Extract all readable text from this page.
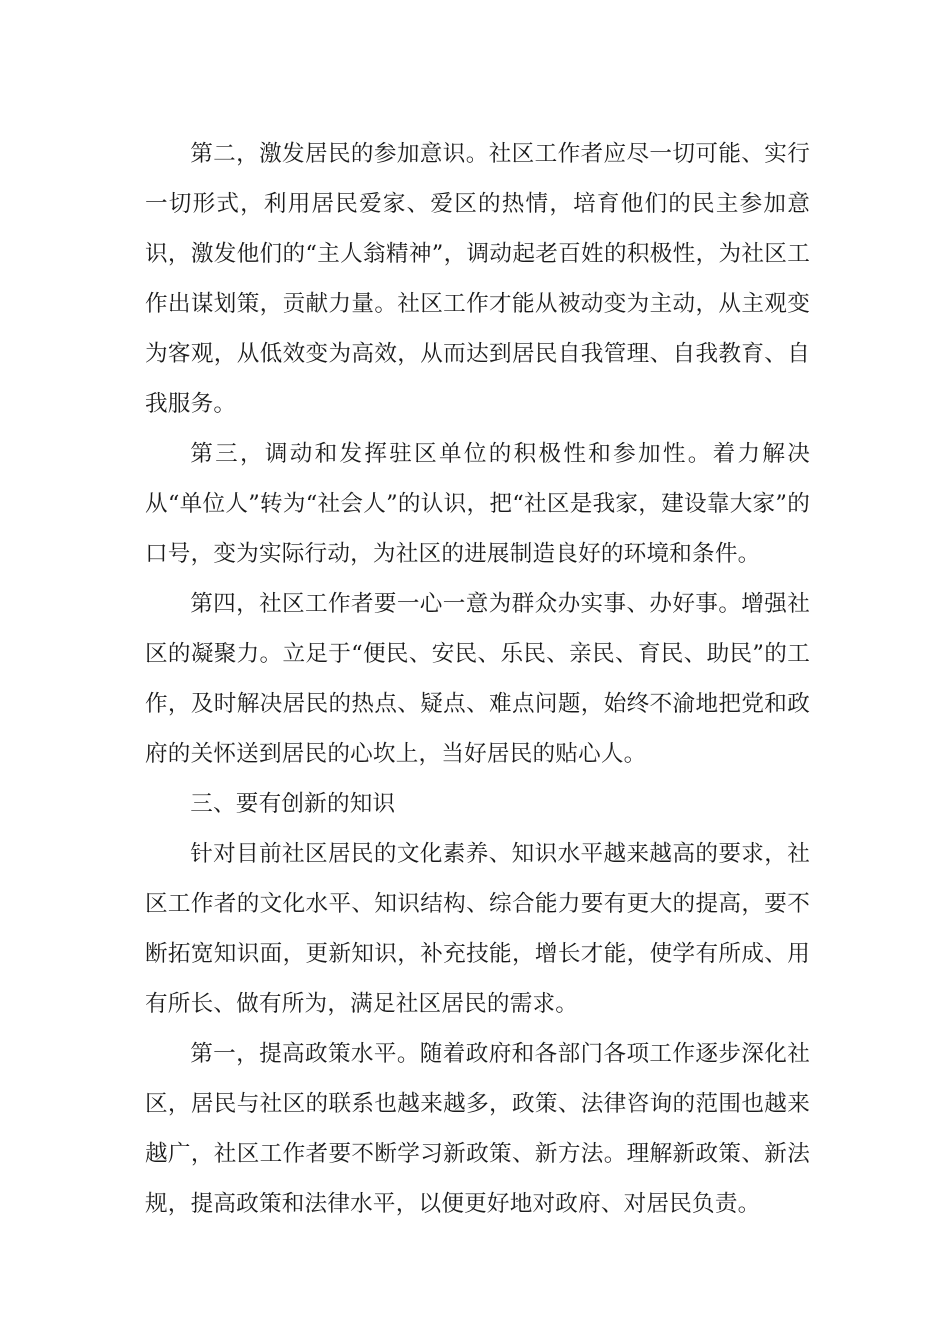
第二，激发居民的参加意识。社区工作者应尽一切可能、实行一切形式，利用居民爱家、爱区的热情，培育他们的民主参加意识，激发他们的“主人翁精神”，调动起老百姓的积极性，为社区工作出谋划策，贡献力量。社区工作才能从被动变为主动，从主观变为客观，从低效变为高效，从而达到居民自我管理、自我教育、自我服务。

第三，调动和发挥驻区单位的积极性和参加性。着力解决从“单位人”转为“社会人”的认识，把“社区是我家，建设靠大家”的口号，变为实际行动，为社区的进展制造良好的环境和条件。

第四，社区工作者要一心一意为群众办实事、办好事。增强社区的凝聚力。立足于“便民、安民、乐民、亲民、育民、助民”的工作，及时解决居民的热点、疑点、难点问题，始终不渝地把党和政府的关怀送到居民的心坎上，当好居民的贴心人。

三、要有创新的知识

针对目前社区居民的文化素养、知识水平越来越高的要求，社区工作者的文化水平、知识结构、综合能力要有更大的提高，要不断拓宽知识面，更新知识，补充技能，增长才能，使学有所成、用有所长、做有所为，满足社区居民的需求。

第一，提高政策水平。随着政府和各部门各项工作逐步深化社区，居民与社区的联系也越来越多，政策、法律咨询的范围也越来越广，社区工作者要不断学习新政策、新方法。理解新政策、新法规，提高政策和法律水平，以便更好地对政府、对居民负责。
